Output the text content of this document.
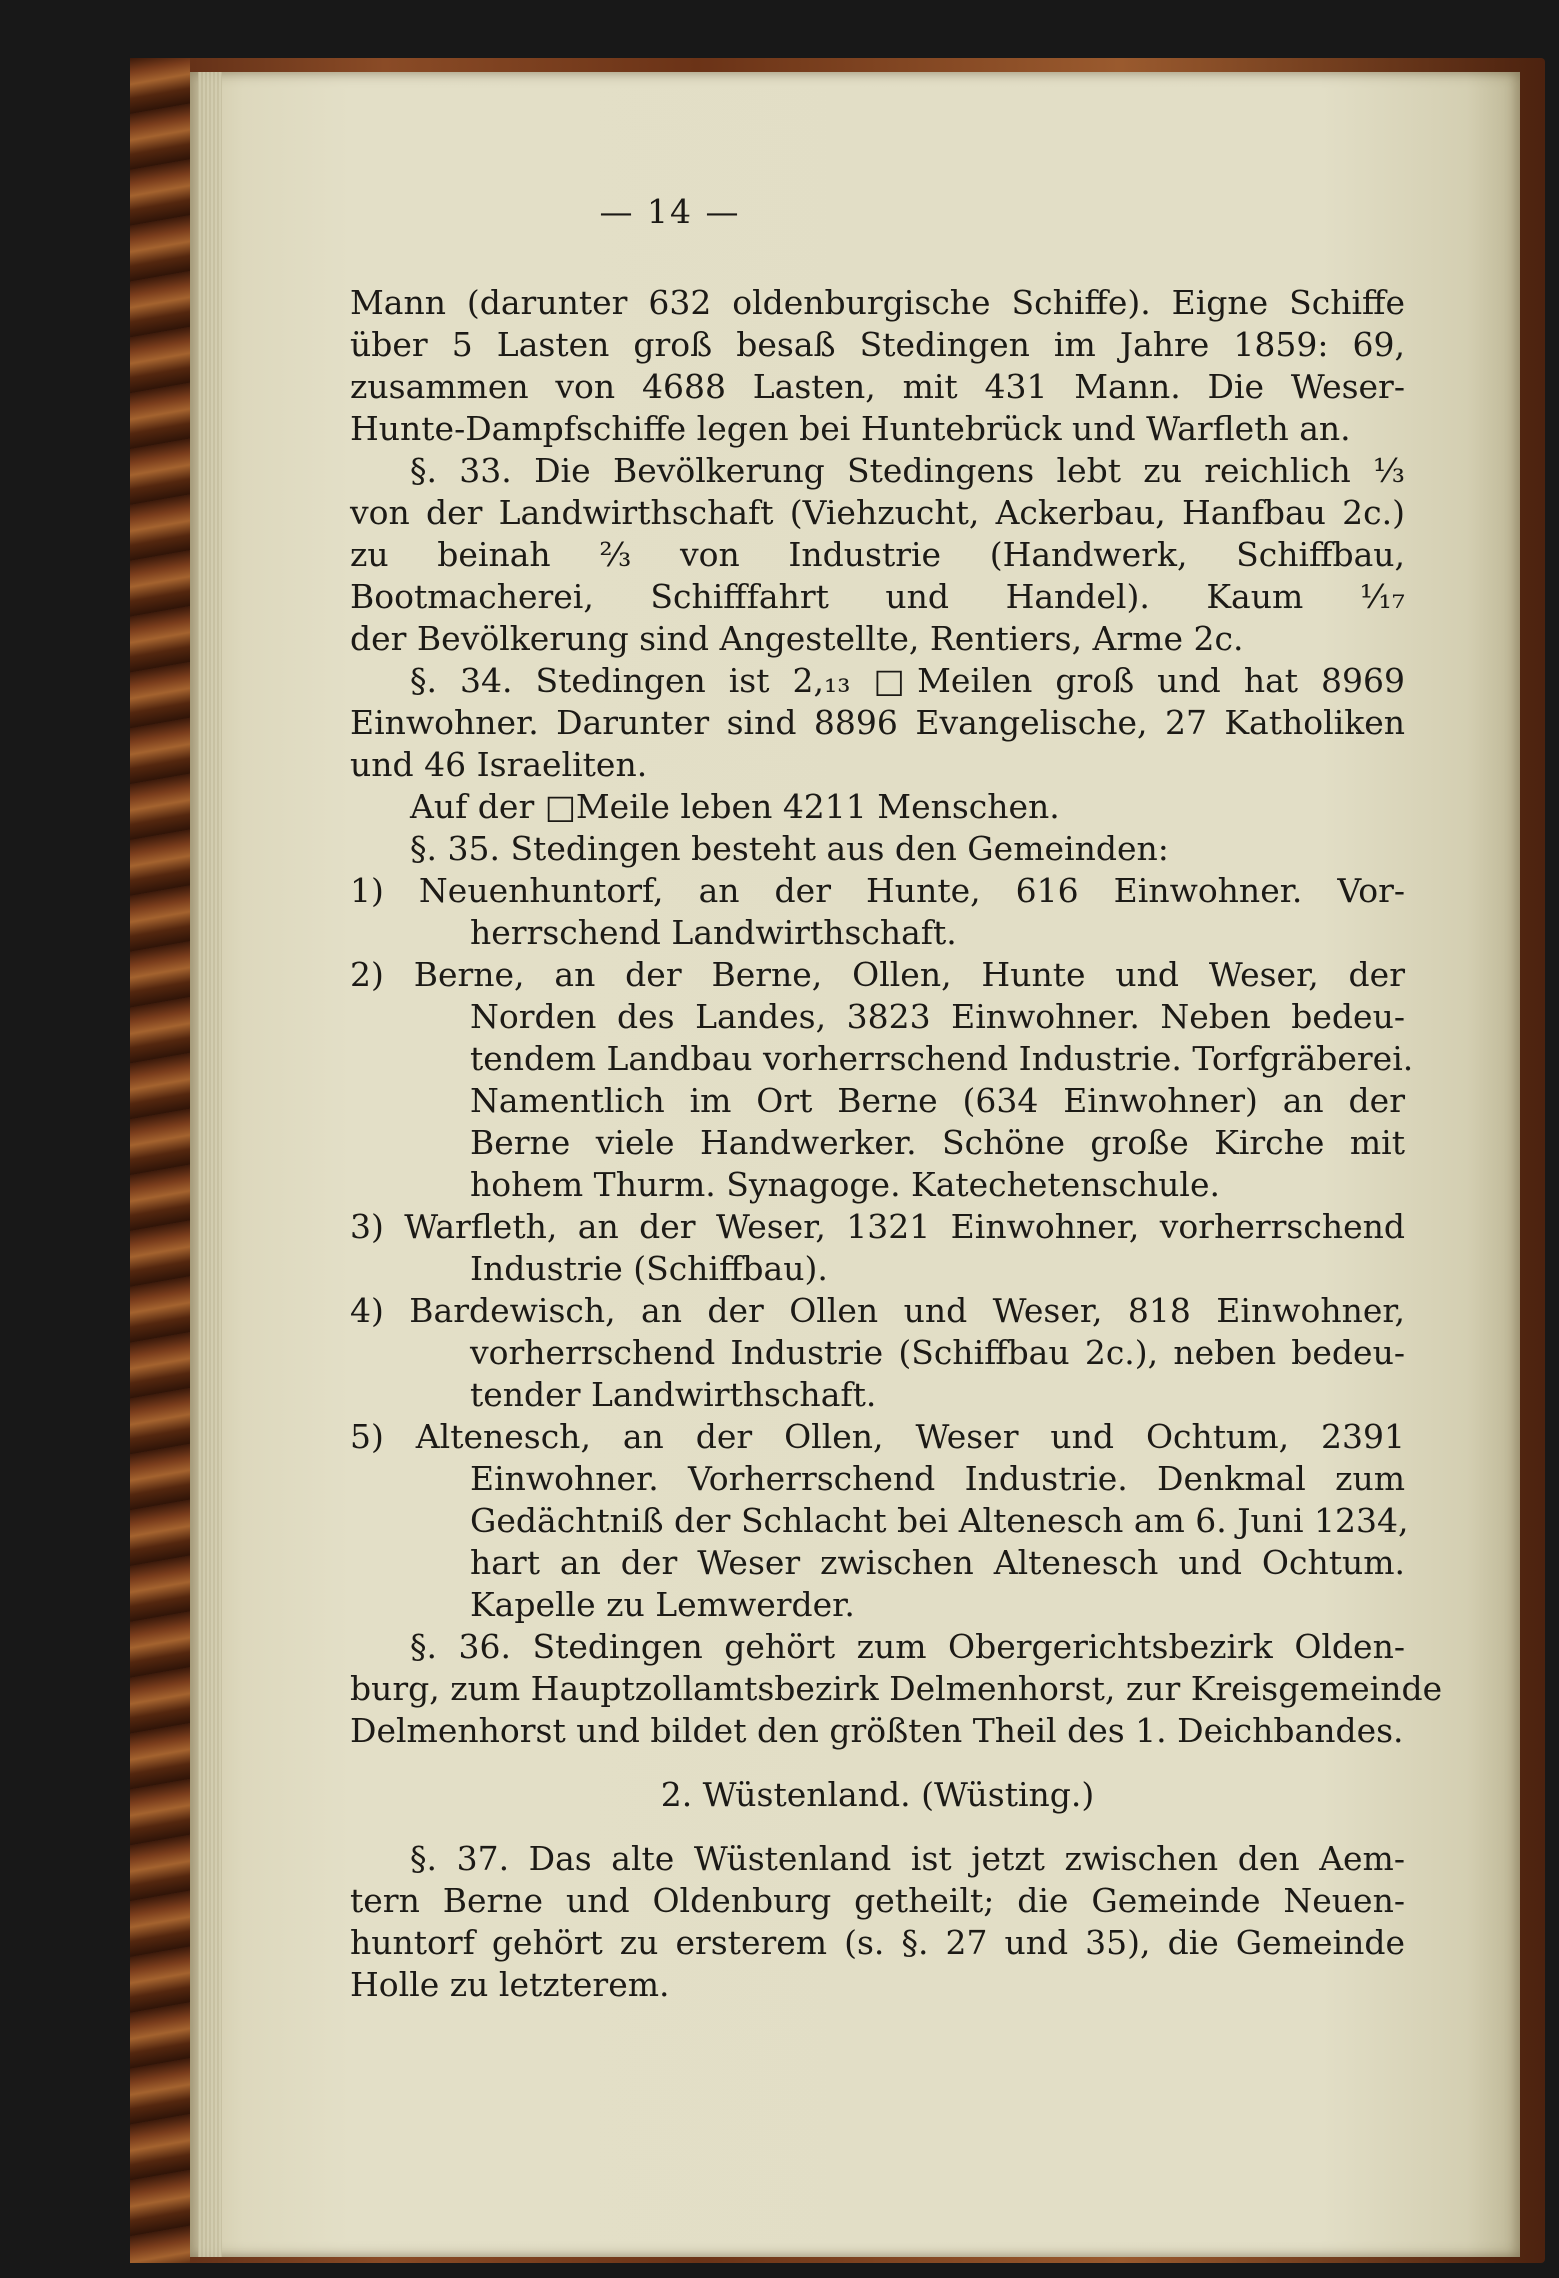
— 14 —
Mann (darunter 632 oldenburgische Schiffe). Eigne Schiffe
über 5 Lasten groß besaß Stedingen im Jahre 1859: 69,
zusammen von 4688 Lasten, mit 431 Mann. Die Weser-
Hunte-Dampfschiffe legen bei Huntebrück und Warfleth an.
§. 33. Die Bevölkerung Stedingens lebt zu reichlich ⅓
von der Landwirthschaft (Viehzucht, Ackerbau, Hanfbau 2c.)
zu beinah ⅔ von Industrie (Handwerk, Schiffbau,
Bootmacherei, Schifffahrt und Handel). Kaum ¹⁄₁₇
der Bevölkerung sind Angestellte, Rentiers, Arme 2c.
§. 34. Stedingen ist 2,₁₃ □Meilen groß und hat 8969
Einwohner. Darunter sind 8896 Evangelische, 27 Katholiken
und 46 Israeliten.
Auf der □Meile leben 4211 Menschen.
§. 35. Stedingen besteht aus den Gemeinden:
1) Neuenhuntorf, an der Hunte, 616 Einwohner. Vor-
herrschend Landwirthschaft.
2) Berne, an der Berne, Ollen, Hunte und Weser, der
Norden des Landes, 3823 Einwohner. Neben bedeu-
tendem Landbau vorherrschend Industrie. Torfgräberei.
Namentlich im Ort Berne (634 Einwohner) an der
Berne viele Handwerker. Schöne große Kirche mit
hohem Thurm. Synagoge. Katechetenschule.
3) Warfleth, an der Weser, 1321 Einwohner, vorherrschend
Industrie (Schiffbau).
4) Bardewisch, an der Ollen und Weser, 818 Einwohner,
vorherrschend Industrie (Schiffbau 2c.), neben bedeu-
tender Landwirthschaft.
5) Altenesch, an der Ollen, Weser und Ochtum, 2391
Einwohner. Vorherrschend Industrie. Denkmal zum
Gedächtniß der Schlacht bei Altenesch am 6. Juni 1234,
hart an der Weser zwischen Altenesch und Ochtum.
Kapelle zu Lemwerder.
§. 36. Stedingen gehört zum Obergerichtsbezirk Olden-
burg, zum Hauptzollamtsbezirk Delmenhorst, zur Kreisgemeinde
Delmenhorst und bildet den größten Theil des 1. Deichbandes.
2. Wüstenland. (Wüsting.)
§. 37. Das alte Wüstenland ist jetzt zwischen den Aem-
tern Berne und Oldenburg getheilt; die Gemeinde Neuen-
huntorf gehört zu ersterem (s. §. 27 und 35), die Gemeinde
Holle zu letzterem.
